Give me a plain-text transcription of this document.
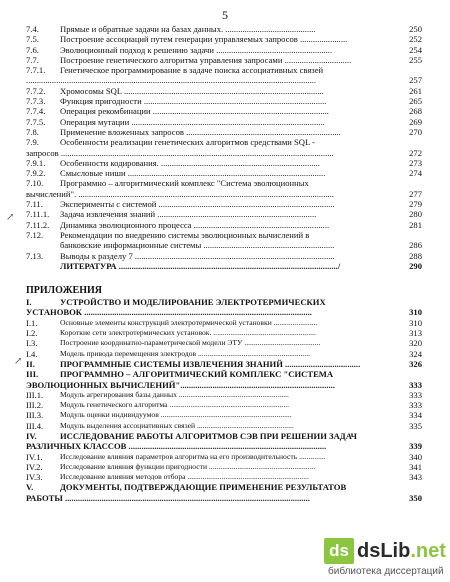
5
7.4. Прямые и обратные задачи на базах данных. ..........................................	250
7.5. Построение ассоциаций путем генерации управляемых запросов ......................	252
7.6. Эволюционный подход к решению задачи ......................................................	254
7.7. Построение генетического алгоритма управления запросами ...............................	255
7.7.1. Генетическое программирование в задаче поиска ассоциативных связей
.......................................................................................................................................	257
7.7.2. Хромосомы SQL .............................................................................................	261
7.7.3. Функция пригодности .....................................................................................	265
7.7.4. Операция рекомбинации ..................................................................................	268
7.7.5. Операция мутации ..........................................................................................	269
7.8. Применение вложенных запросов ........................................................................	270
7.9. Особенности реализации генетических алгоритмов средствами SQL -
запросов ...............................................................................................................................	272
7.9.1. Особенности кодирования. ..........................................................................	273
7.9.2. Смысловые ниши ............................................................................................	274
7.10. Программно – алгоритмический комплекс "Система эволюционных
вычислений". .......................................................................................................................	277
7.11. Эксперименты с системой ..................................................................................	279
7.11.1. Задача извлечения знаний ..........................................................................	280
7.11.2. Динамика эволюционного процесса ...............................................................	281
7.12. Рекомендации по внедрению системы эволюционных вычислений в
банковские информационные системы .............................................................	286
7.13. Выводы к разделу 7 .............................................................................................	288
ЛИТЕРАТУРА ....................................................................................................../	290
ПРИЛОЖЕНИЯ
I.	УСТРОЙСТВО И МОДЕЛИРОВАНИЕ ЭЛЕКТРОТЕРМИЧЕСКИХ
УСТАНОВОК ..........................................................................................................	310
I.1.	Основные элементы конструкций электротермической установки .......................	310
I.2.	Короткие сети электротермических установок. ......................................................	313
I.3.	Построение координатно-параметрической модели ЭТУ ........................................	320
I.4.	Модель привода перемещения электродов ...........................................................	324
II.	ПРОГРАММНЫЕ СИСТЕМЫ ИЗВЛЕЧЕНИЯ ЗНАНИЙ ...................................	326
III.	ПРОГРАММНО – АЛГОРИТМИЧЕСКИЙ КОМПЛЕКС "СИСТЕМА
ЭВОЛЮЦИОННЫХ ВЫЧИСЛЕНИЙ"........................................................................	333
III.1. Модуль агрегирования базы данных ..........................................................	333
III.2. Модуль генетического алгоритма ...............................................................	333
III.3. Модуль оценки индивидуумов .....................................................................	334
III.4. Модуль выделения ассоциативных связей ...................................................	335
IV.	ИССЛЕДОВАНИЕ РАБОТЫ АЛГОРИТМОВ СЭВ ПРИ РЕШЕНИИ ЗАДАЧ
РАЗЛИЧНЫХ КЛАССОВ ............................................................................................	339
IV.1. Исследование влияния параметров алгоритма на его производительность ..............	340
IV.2. Исследование влияния функции пригодности ........................................................	341
IV.3. Исследование влияния методов отбора ................................................................	343
V.	ДОКУМЕНТЫ, ПОДТВЕРЖДАЮЩИЕ ПРИМЕНЕНИЕ РЕЗУЛЬТАТОВ
РАБОТЫ ..................................................................................................................	350
↗
↗
ds dsLib.net
библиотека диссертаций
